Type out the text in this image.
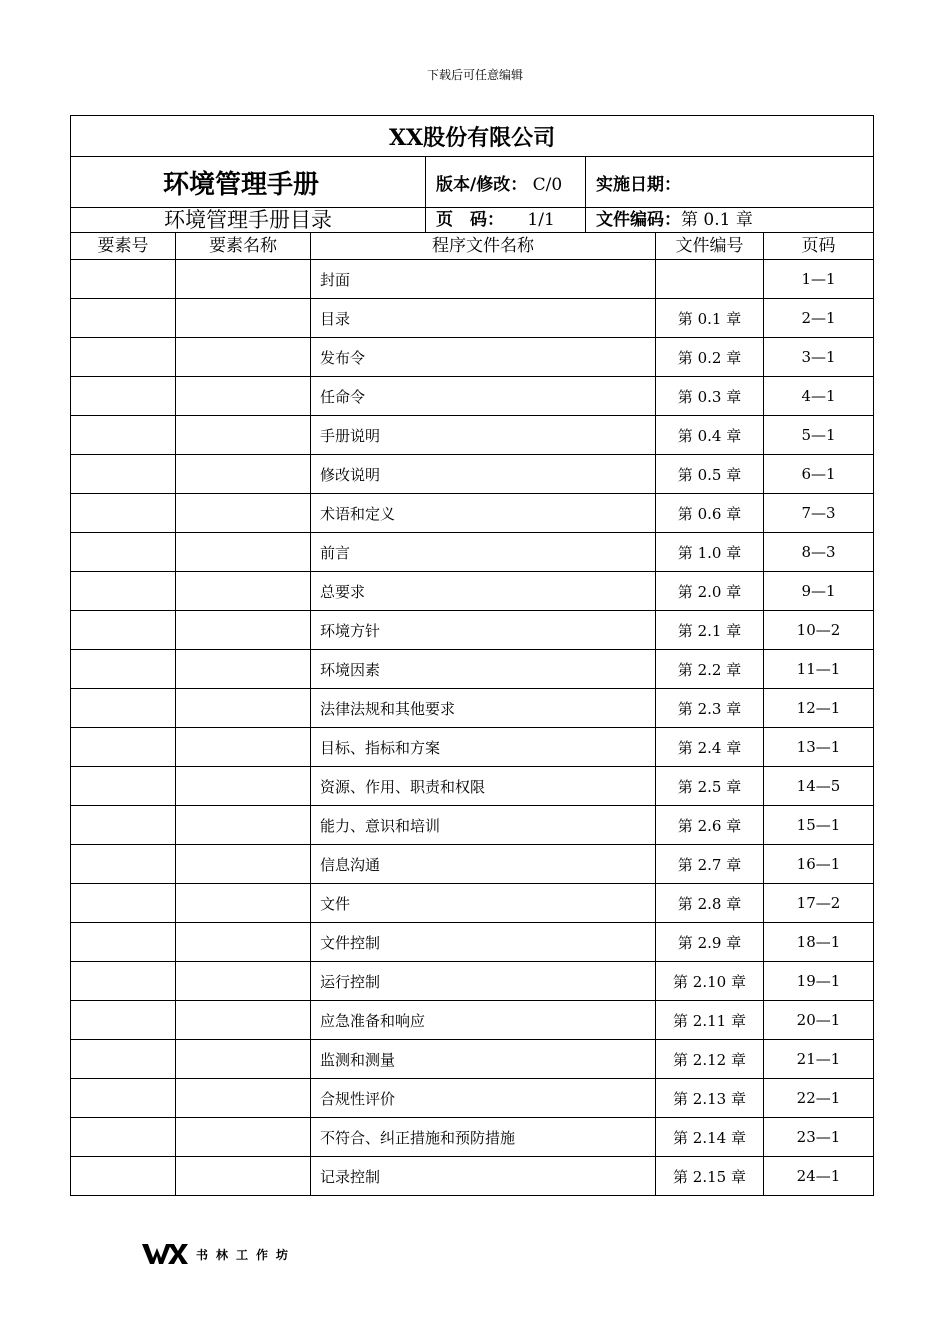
下载后可任意编辑
XX股份有限公司		
环境管理手册	版本/修改： C/0	实施日期：
环境管理手册目录	页　码： 1/1	文件编码：第 0.1 章
要素号	要素名称	程序文件名称	文件编号	页码
		封面		1—1
		目录	第 0.1 章	2—1
		发布令	第 0.2 章	3—1
		任命令	第 0.3 章	4—1
		手册说明	第 0.4 章	5—1
		修改说明	第 0.5 章	6—1
		术语和定义	第 0.6 章	7—3
		前言	第 1.0 章	8—3
		总要求	第 2.0 章	9—1
		环境方针	第 2.1 章	10—2
		环境因素	第 2.2 章	11—1
		法律法规和其他要求	第 2.3 章	12—1
		目标、指标和方案	第 2.4 章	13—1
		资源、作用、职责和权限	第 2.5 章	14—5
		能力、意识和培训	第 2.6 章	15—1
		信息沟通	第 2.7 章	16—1
		文件	第 2.8 章	17—2
		文件控制	第 2.9 章	18—1
		运行控制	第 2.10 章	19—1
		应急准备和响应	第 2.11 章	20—1
		监测和测量	第 2.12 章	21—1
		合规性评价	第 2.13 章	22—1
		不符合、纠正措施和预防措施	第 2.14 章	23—1
		记录控制	第 2.15 章	24—1
书林工作坊
